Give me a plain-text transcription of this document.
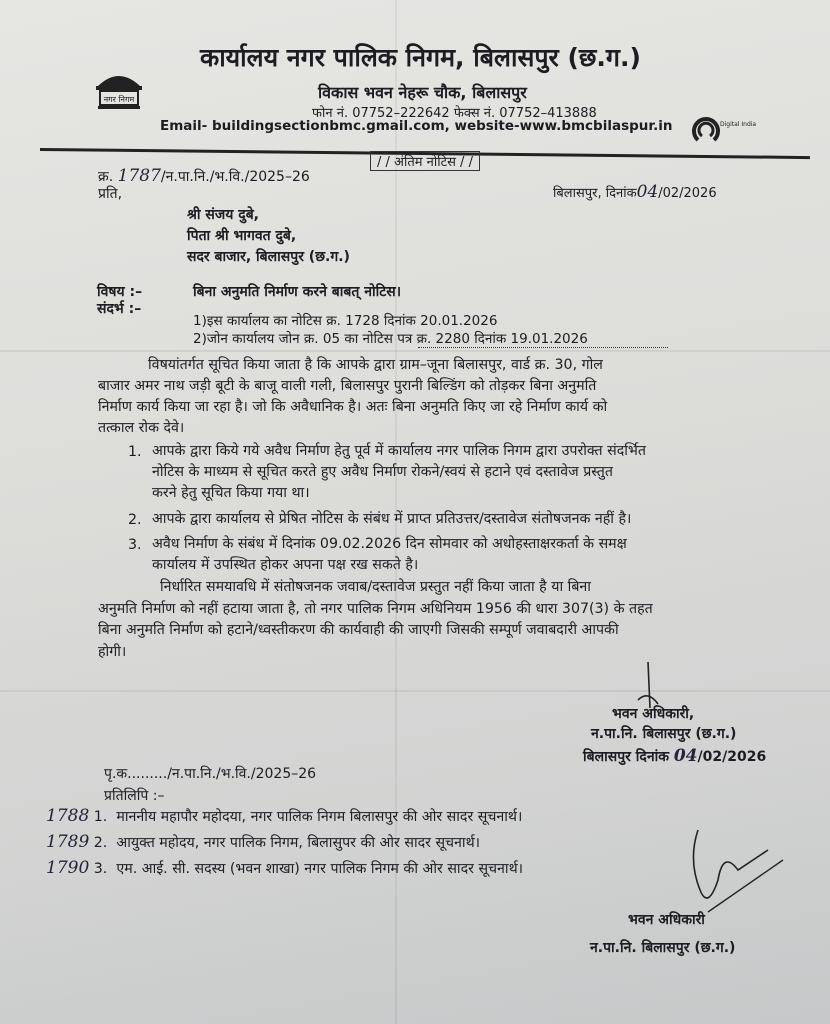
नगर निगम
कार्यालय नगर पालिक निगम, बिलासपुर (छ.ग.)
विकास भवन नेहरू चौक, बिलासपुर
फोन नं. 07752–222642 फेक्स नं. 07752–413888
Email- buildingsectionbmc.gmail.com, website-www.bmcbilaspur.in	Digital India
/ / अंतिम नोटिस / /
क्र. 1787/न.पा.नि./भ.वि./2025–26
प्रति,	बिलासपुर, दिनांक04/02/2026
श्री संजय दुबे,
पिता श्री भागवत दुबे,
सदर बाजार, बिलासपुर (छ.ग.)
विषय :–	बिना अनुमति निर्माण करने बाबत् नोटिस।
संदर्भ :–
1)इस कार्यालय का नोटिस क्र. 1728 दिनांक 20.01.2026
2)जोन कार्यालय जोन क्र. 05 का नोटिस पत्र क्र. 2280 दिनांक 19.01.2026
विषयांतर्गत सूचित किया जाता है कि आपके द्वारा ग्राम–जूना बिलासपुर, वार्ड क्र. 30, गोल
बाजार अमर नाथ जड़ी बूटी के बाजू वाली गली, बिलासपुर पुरानी बिल्डिंग को तोड़कर बिना अनुमति
निर्माण कार्य किया जा रहा है। जो कि अवैधानिक है। अतः बिना अनुमति किए जा रहे निर्माण कार्य को
तत्काल रोक देवे।
1. आपके द्वारा किये गये अवैध निर्माण हेतु पूर्व में कार्यालय नगर पालिक निगम द्वारा उपरोक्त संदर्भित
नोटिस के माध्यम से सूचित करते हुए अवैध निर्माण रोकने/स्वयं से हटाने एवं दस्तावेज प्रस्तुत
करने हेतु सूचित किया गया था।
2. आपके द्वारा कार्यालय से प्रेषित नोटिस के संबंध में प्राप्त प्रतिउत्तर/दस्तावेज संतोषजनक नहीं है।
3. अवैध निर्माण के संबंध में दिनांक 09.02.2026 दिन सोमवार को अधोहस्ताक्षरकर्ता के समक्ष
कार्यालय में उपस्थित होकर अपना पक्ष रख सकते है।
निर्धारित समयावधि में संतोषजनक जवाब/दस्तावेज प्रस्तुत नहीं किया जाता है या बिना
अनुमति निर्माण को नहीं हटाया जाता है, तो नगर पालिक निगम अधिनियम 1956 की धारा 307(3) के तहत
बिना अनुमति निर्माण को हटाने/ध्वस्तीकरण की कार्यवाही की जाएगी जिसकी सम्पूर्ण जवाबदारी आपकी
होगी।
भवन अधिकारी,
न.पा.नि. बिलासपुर (छ.ग.)
बिलासपुर दिनांक 04/02/2026
पृ.क........./न.पा.नि./भ.वि./2025–26
प्रतिलिपि :–
1788 1. माननीय महापौर महोदया, नगर पालिक निगम बिलासपुर की ओर सादर सूचनार्थ।
1789 2. आयुक्त महोदय, नगर पालिक निगम, बिलासुपर की ओर सादर सूचनार्थ।
1790 3. एम. आई. सी. सदस्य (भवन शाखा) नगर पालिक निगम की ओर सादर सूचनार्थ।
भवन अधिकारी
न.पा.नि. बिलासपुर (छ.ग.)
